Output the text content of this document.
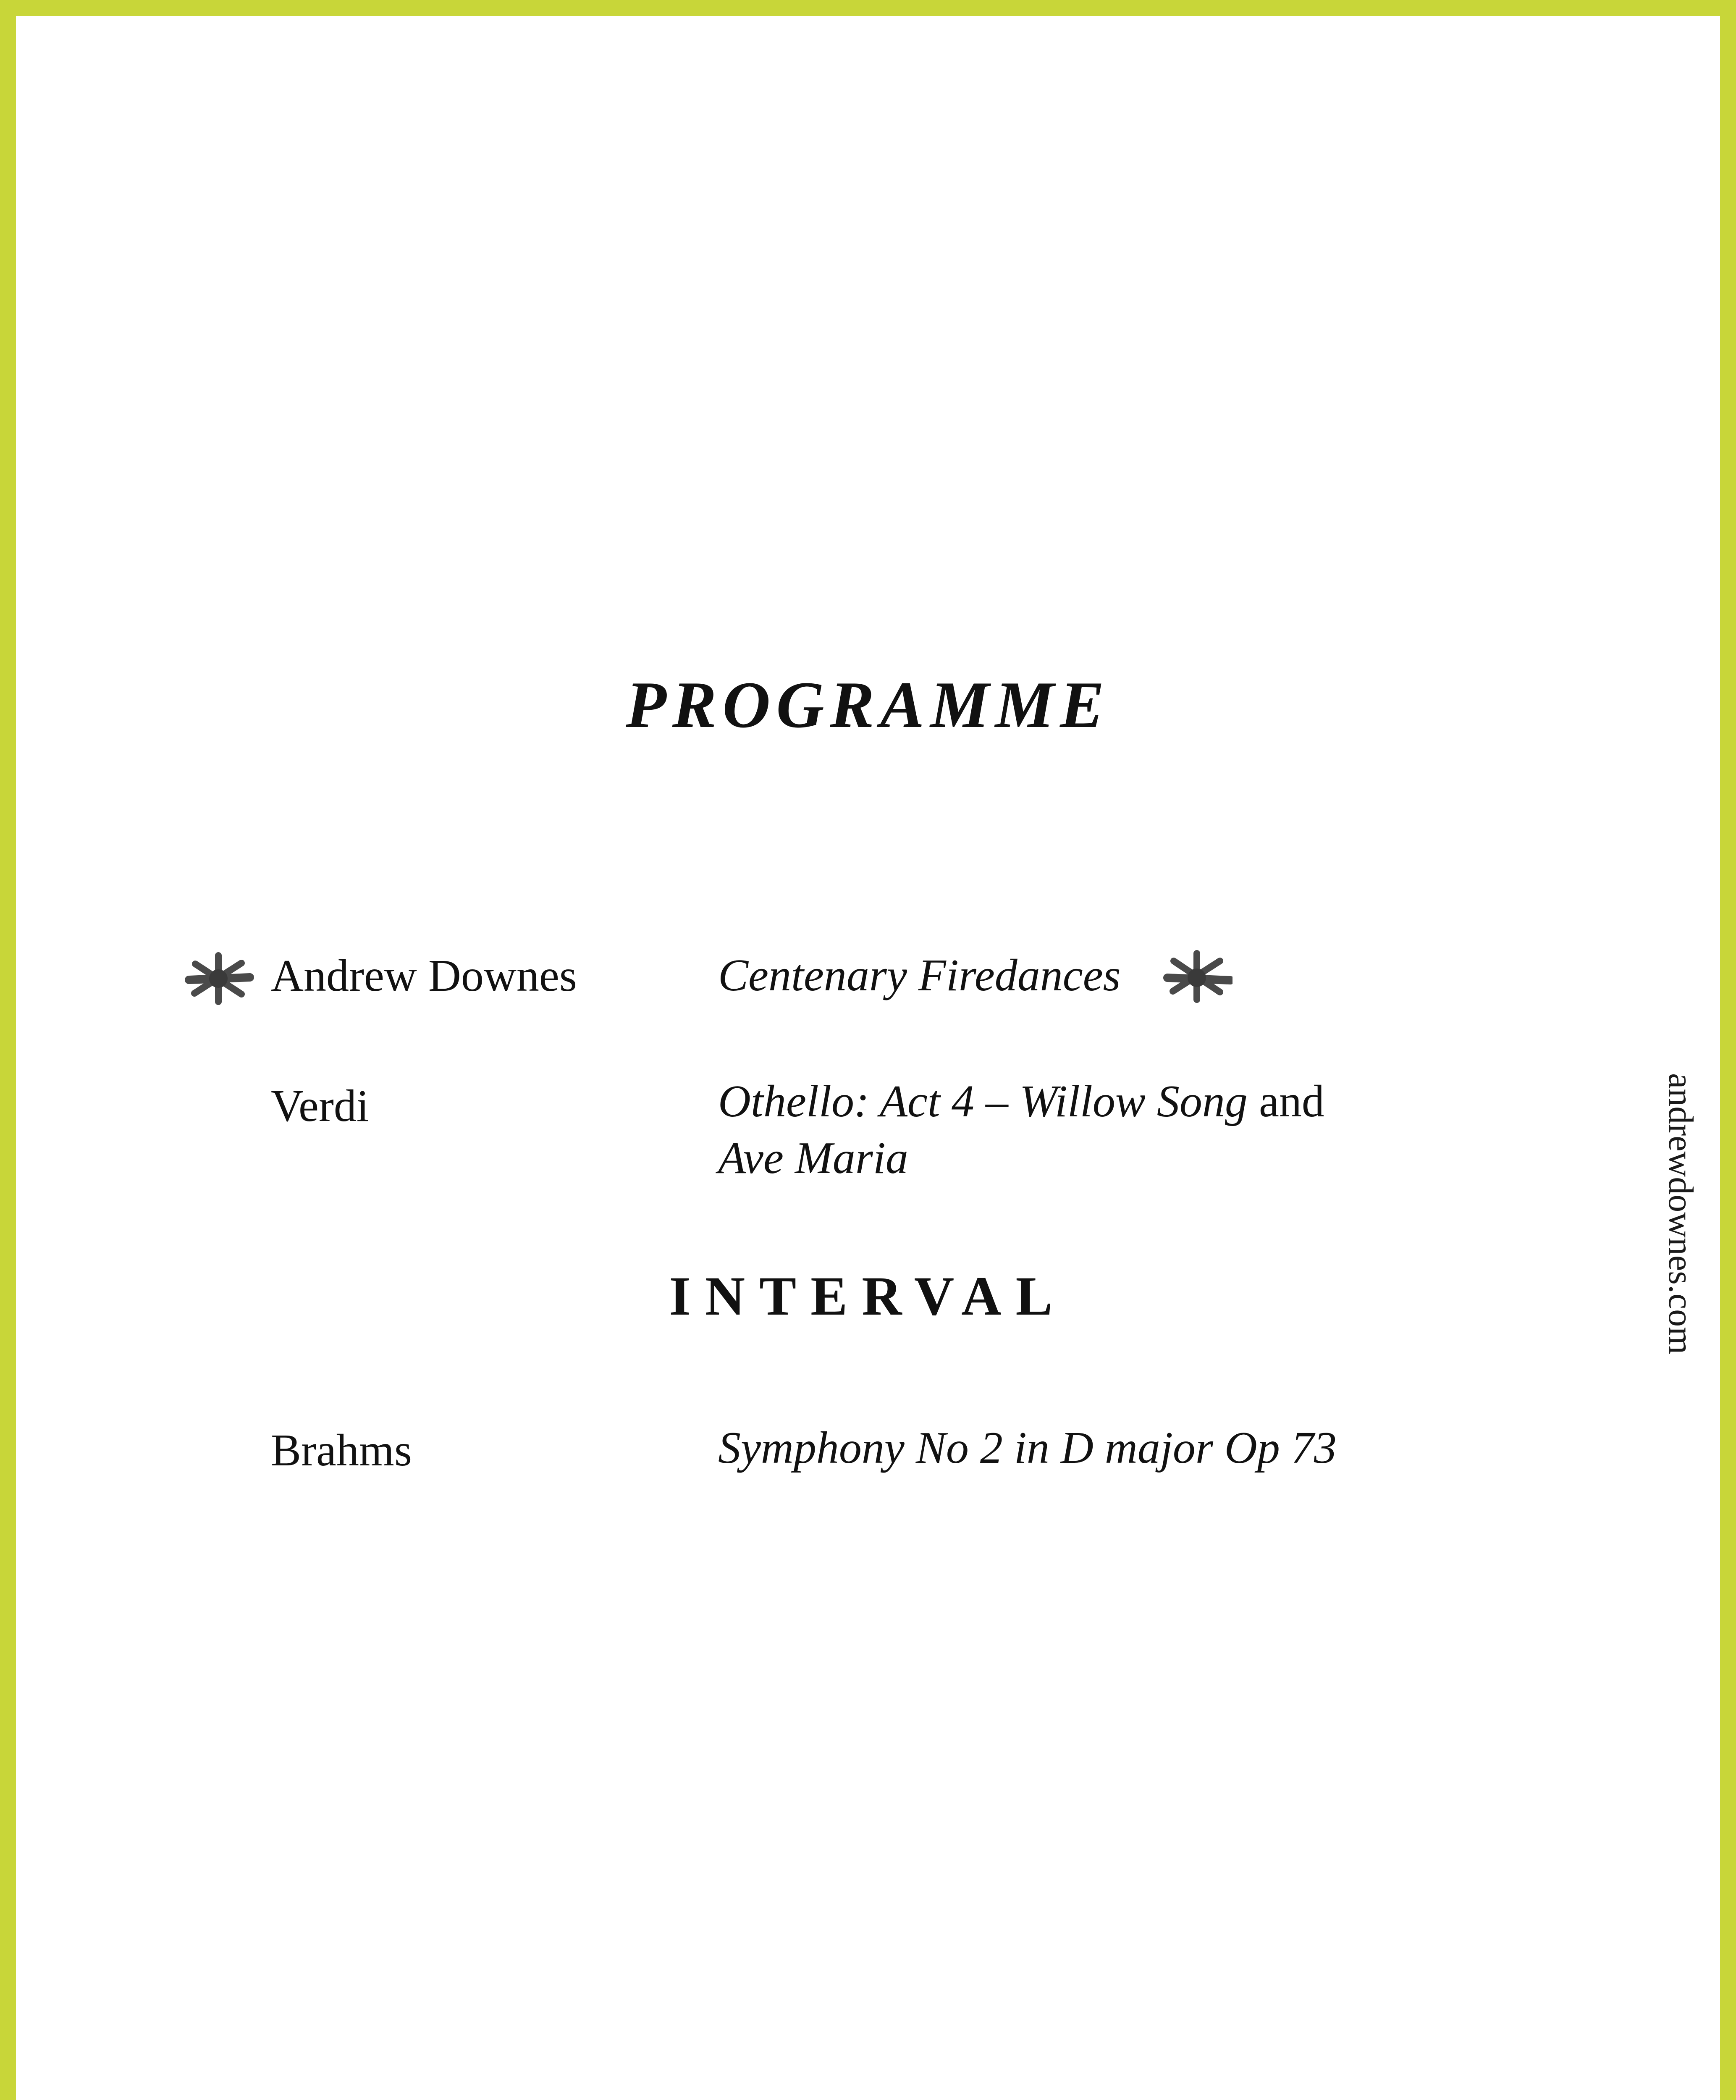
PROGRAMME
Andrew Downes	Centenary Firedances
Verdi	Othello: Act 4 – Willow Song and
Ave Maria
INTERVAL
Brahms	Symphony No 2 in D major Op 73
andrewdownes.com
